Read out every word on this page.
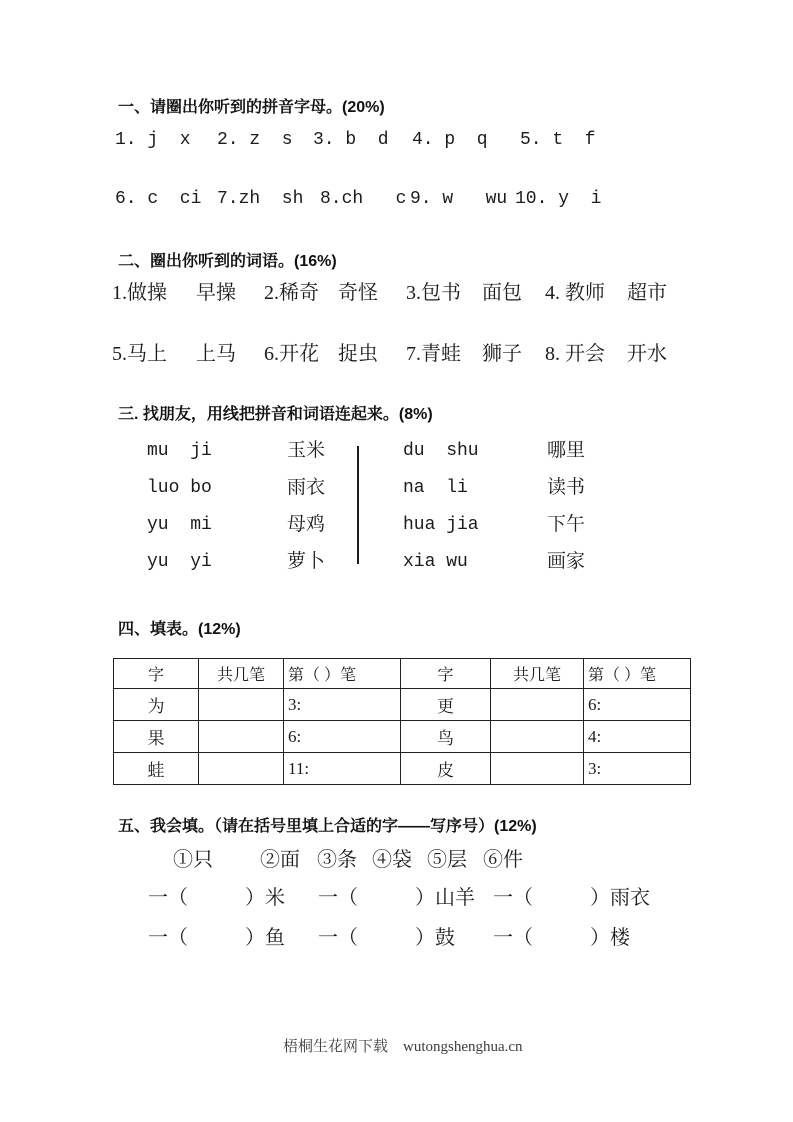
一、请圈出你听到的拼音字母。(20%)
1. j  x 2. z  s 3. b  d 4. p  q 5. t  f
6. c  ci 7.zh  sh 8.ch   c 9. w   wu 10. y  i
二、圈出你听到的词语。(16%)
1.做操 早操 2.稀奇 奇怪 3.包书 面包 4. 教师 超市
5.马上 上马 6.开花 捉虫 7.青蛙 狮子 8. 开会 开水
三. 找朋友，用线把拼音和词语连起来。(8%)
mu  ji	玉米	du  shu	哪里
luo bo	雨衣	na  li	读书
yu  mi	母鸡	hua jia	下午
yu  yi	萝卜	xia wu	画家
四、填表。(12%)
字	共几笔	第（ ）笔	字	共几笔	第（ ）笔
为		3:	更		6:
果		6:	鸟		4:
蛙		11:	皮		3:
五、我会填。（请在括号里填上合适的字——写序号）(12%)
①只 ②面 ③条 ④袋 ⑤层 ⑥件
一（	）米 一（	）山羊 一（	）雨衣
一（	）鱼 一（	）鼓 一（	）楼
梧桐生花网下载 wutongshenghua.cn
